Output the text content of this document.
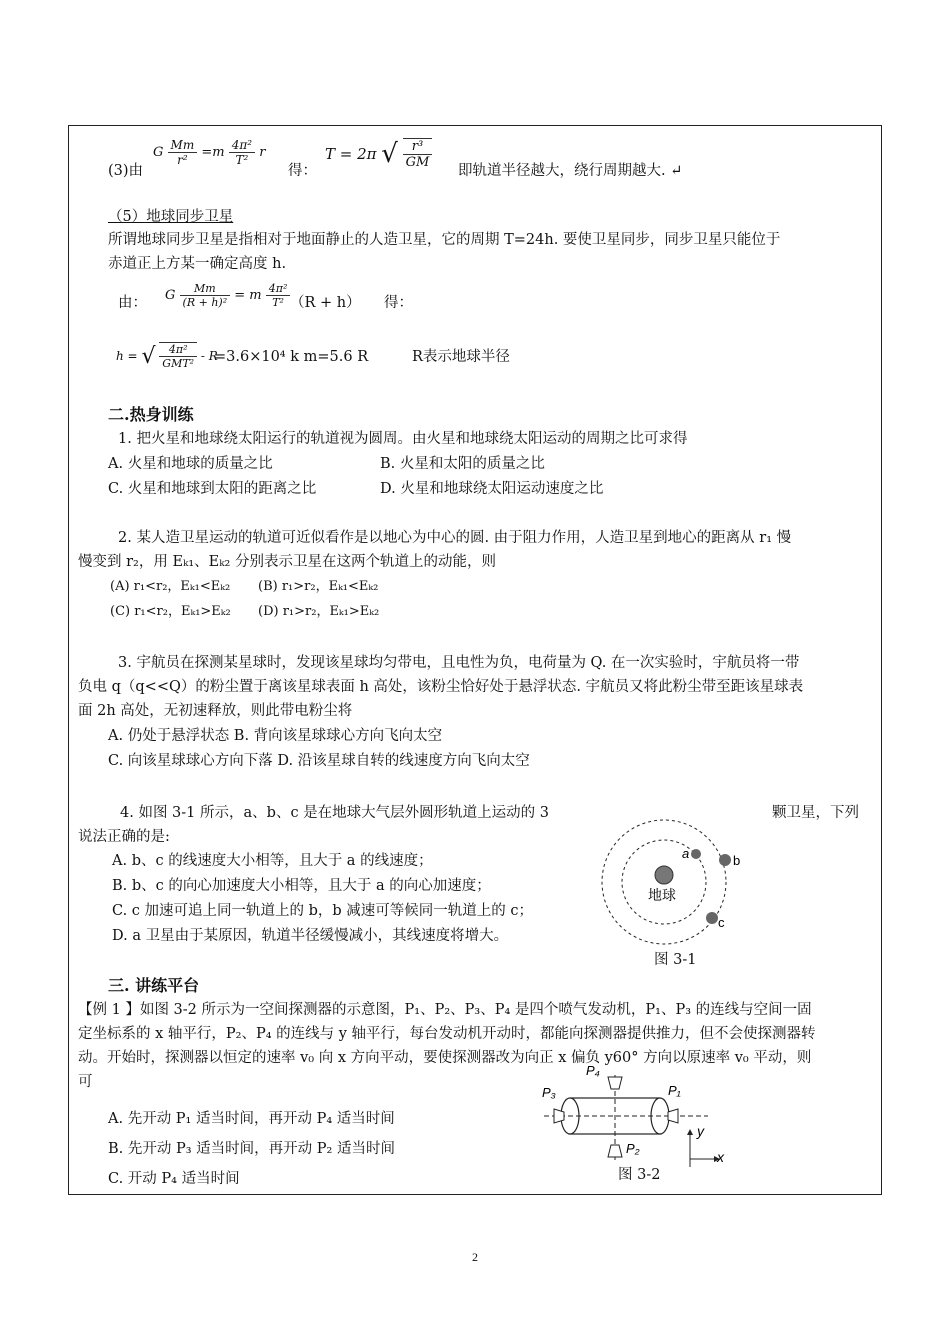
(3)由
G $\frac{Mm}{\text{r²}} =m \frac{\text{4π²}}{\text{T²}}$ r
得：
T = 2π √ $\frac{\text{r³}}{GM}$
即轨道半径越大，绕行周期越大. ↵
（5）地球同步卫星
所谓地球同步卫星是指相对于地面静止的人造卫星，它的周期 T=24h. 要使卫星同步，同步卫星只能位于
赤道正上方某一确定高度 h.
由： G $\frac{Mm}{\text{(R + h)²}} = m \frac{\text{4π²}}{\text{T²}} (R + h)$ 得：
h = √ $\frac{\text{4π²}}{\text{GMT²}}$ - R
=3.6×10⁴ k m=5.6 R	R表示地球半径
二.热身训练
1. 把火星和地球绕太阳运行的轨道视为圆周。由火星和地球绕太阳运动的周期之比可求得
A. 火星和地球的质量之比	B. 火星和太阳的质量之比
C. 火星和地球到太阳的距离之比	D. 火星和地球绕太阳运动速度之比
2. 某人造卫星运动的轨道可近似看作是以地心为中心的圆. 由于阻力作用，人造卫星到地心的距离从 r₁ 慢
慢变到 r₂，用 Eₖ₁、Eₖ₂ 分别表示卫星在这两个轨道上的动能，则
(A) r₁<r₂，Eₖ₁<Eₖ₂ (B) r₁>r₂，Eₖ₁<Eₖ₂
(C) r₁<r₂，Eₖ₁>Eₖ₂ (D) r₁>r₂，Eₖ₁>Eₖ₂
3. 宇航员在探测某星球时，发现该星球均匀带电，且电性为负，电荷量为 Q. 在一次实验时，宇航员将一带
负电 q（q<<Q）的粉尘置于离该星球表面 h 高处，该粉尘恰好处于悬浮状态. 宇航员又将此粉尘带至距该星球表
面 2h 高处，无初速释放，则此带电粉尘将
A. 仍处于悬浮状态 B. 背向该星球球心方向飞向太空
C. 向该星球球心方向下落 D. 沿该星球自转的线速度方向飞向太空
4. 如图 3-1 所示，a、b、c 是在地球大气层外圆形轨道上运动的 3	颗卫星，下列
说法正确的是:
A. b、c 的线速度大小相等，且大于 a 的线速度；
B. b、c 的向心加速度大小相等，且大于 a 的向心加速度；
C. c 加速可追上同一轨道上的 b，b 减速可等候同一轨道上的 c；
D. a 卫星由于某原因，轨道半径缓慢减小，其线速度将增大。
地球
a	b
c
图 3-1
三. 讲练平台
【例 1 】如图 3-2 所示为一空间探测器的示意图，P₁、P₂、P₃、P₄ 是四个喷气发动机，P₁、P₃ 的连线与空间一固
定坐标系的 x 轴平行，P₂、P₄ 的连线与 y 轴平行，每台发动机开动时，都能向探测器提供推力，但不会使探测器转
动。开始时，探测器以恒定的速率 v₀ 向 x 方向平动，要使探测器改为向正 x 偏负 y60° 方向以原速率 v₀ 平动，则
可
A. 先开动 P₁ 适当时间，再开动 P₄ 适当时间
B. 先开动 P₃ 适当时间，再开动 P₂ 适当时间
C. 开动 P₄ 适当时间
P₃	P₁
P₄
P₂
x
y
图 3-2
2
